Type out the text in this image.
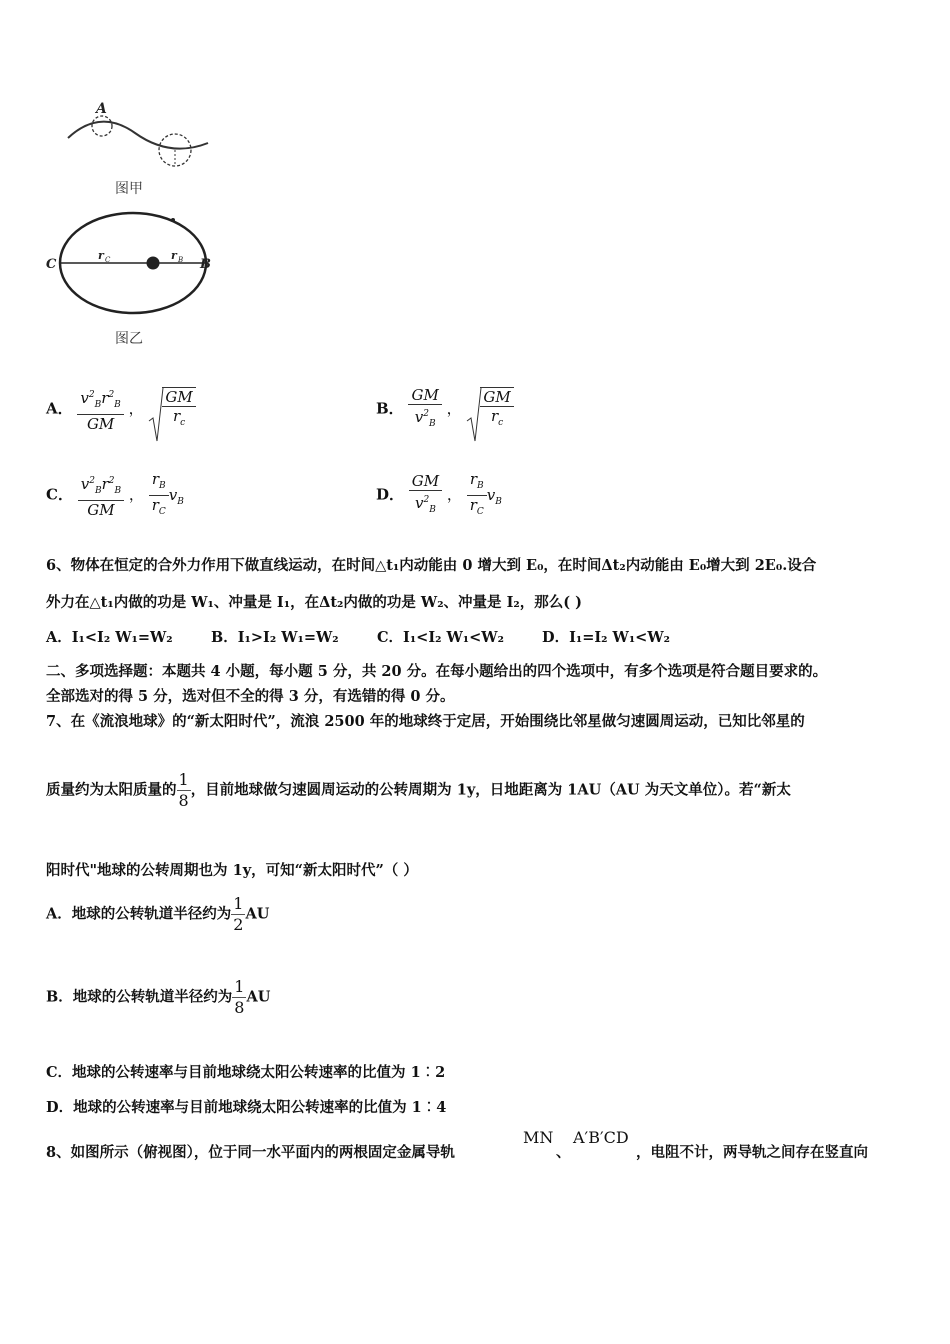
A
图甲
C	B
r C	r B
图乙
A． $\frac{v^2_Br^2_B}{GM}$ ， $\frac{GM}{r_c}$	B． $\frac{GM}{v^2_B}$ ， $\frac{GM}{r_c}$
C． $\frac{v^2_Br^2_B}{GM}$ ， $\frac{r_B}{r_C} v_B$	D． $\frac{GM}{v^2_B}$ ， $\frac{r_B}{r_C} v_B$
6、物体在恒定的合外力作用下做直线运动，在时间△t₁内动能由 0 增大到 E₀，在时间Δt₂内动能由 E₀增大到 2E₀.设合
外力在△t₁内做的功是 W₁、冲量是 I₁，在Δt₂内做的功是 W₂、冲量是 I₂，那么( )
A．I₁<I₂ W₁=W₂	B．I₁>I₂ W₁=W₂	C．I₁<I₂ W₁<W₂	D．I₁=I₂ W₁<W₂
二、多项选择题：本题共 4 小题，每小题 5 分，共 20 分。在每小题给出的四个选项中，有多个选项是符合题目要求的。
全部选对的得 5 分，选对但不全的得 3 分，有选错的得 0 分。
7、在《流浪地球》的“新太阳时代”，流浪 2500 年的地球终于定居，开始围绕比邻星做匀速圆周运动，已知比邻星的
质量约为太阳质量的 $\frac{1}{8}$ ，目前地球做匀速圆周运动的公转周期为 1y，日地距离为 1AU（AU 为天文单位）。若“新太
阳时代"地球的公转周期也为 1y，可知“新太阳时代”（ ）
A．地球的公转轨道半径约为 $\frac{1}{2}$ AU
B．地球的公转轨道半径约为 $\frac{1}{8}$ AU
C．地球的公转速率与目前地球绕太阳公转速率的比值为 1︰2
D．地球的公转速率与目前地球绕太阳公转速率的比值为 1︰4
8、如图所示（俯视图），位于同一水平面内的两根固定金属导轨
MN
、
A′B′CD
，电阻不计，两导轨之间存在竖直向
